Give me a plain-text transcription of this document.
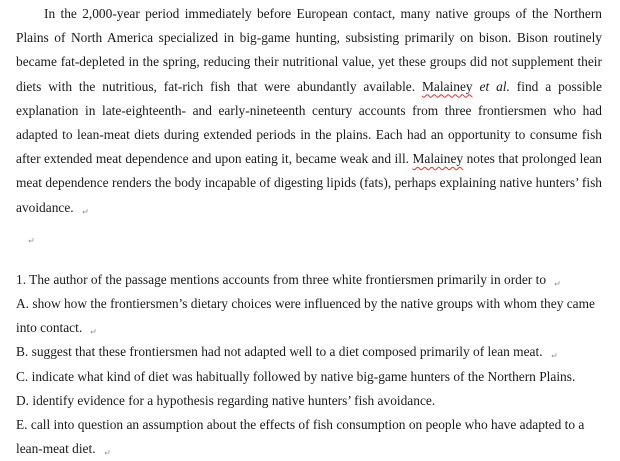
In the 2,000-year period immediately before European contact, many native groups of the Northern Plains of North America specialized in big-game hunting, subsisting primarily on bison. Bison routinely became fat-depleted in the spring, reducing their nutritional value, yet these groups did not supplement their diets with the nutritious, fat-rich fish that were abundantly available. Malainey et al. find a possible explanation in late-eighteenth- and early-nineteenth century accounts from three frontiersmen who had adapted to lean-meat diets during extended periods in the plains. Each had an opportunity to consume fish after extended meat dependence and upon eating it, became weak and ill. Malainey notes that prolonged lean meat dependence renders the body incapable of digesting lipids (fats), perhaps explaining native hunters’ fish avoidance.

1. The author of the passage mentions accounts from three white frontiersmen primarily in order to

A. show how the frontiersmen’s dietary choices were influenced by the native groups with whom they came into contact.
B. suggest that these frontiersmen had not adapted well to a diet composed primarily of lean meat.
C. indicate what kind of diet was habitually followed by native big-game hunters of the Northern Plains.
D. identify evidence for a hypothesis regarding native hunters’ fish avoidance.
E. call into question an assumption about the effects of fish consumption on people who have adapted to a lean-meat diet.
